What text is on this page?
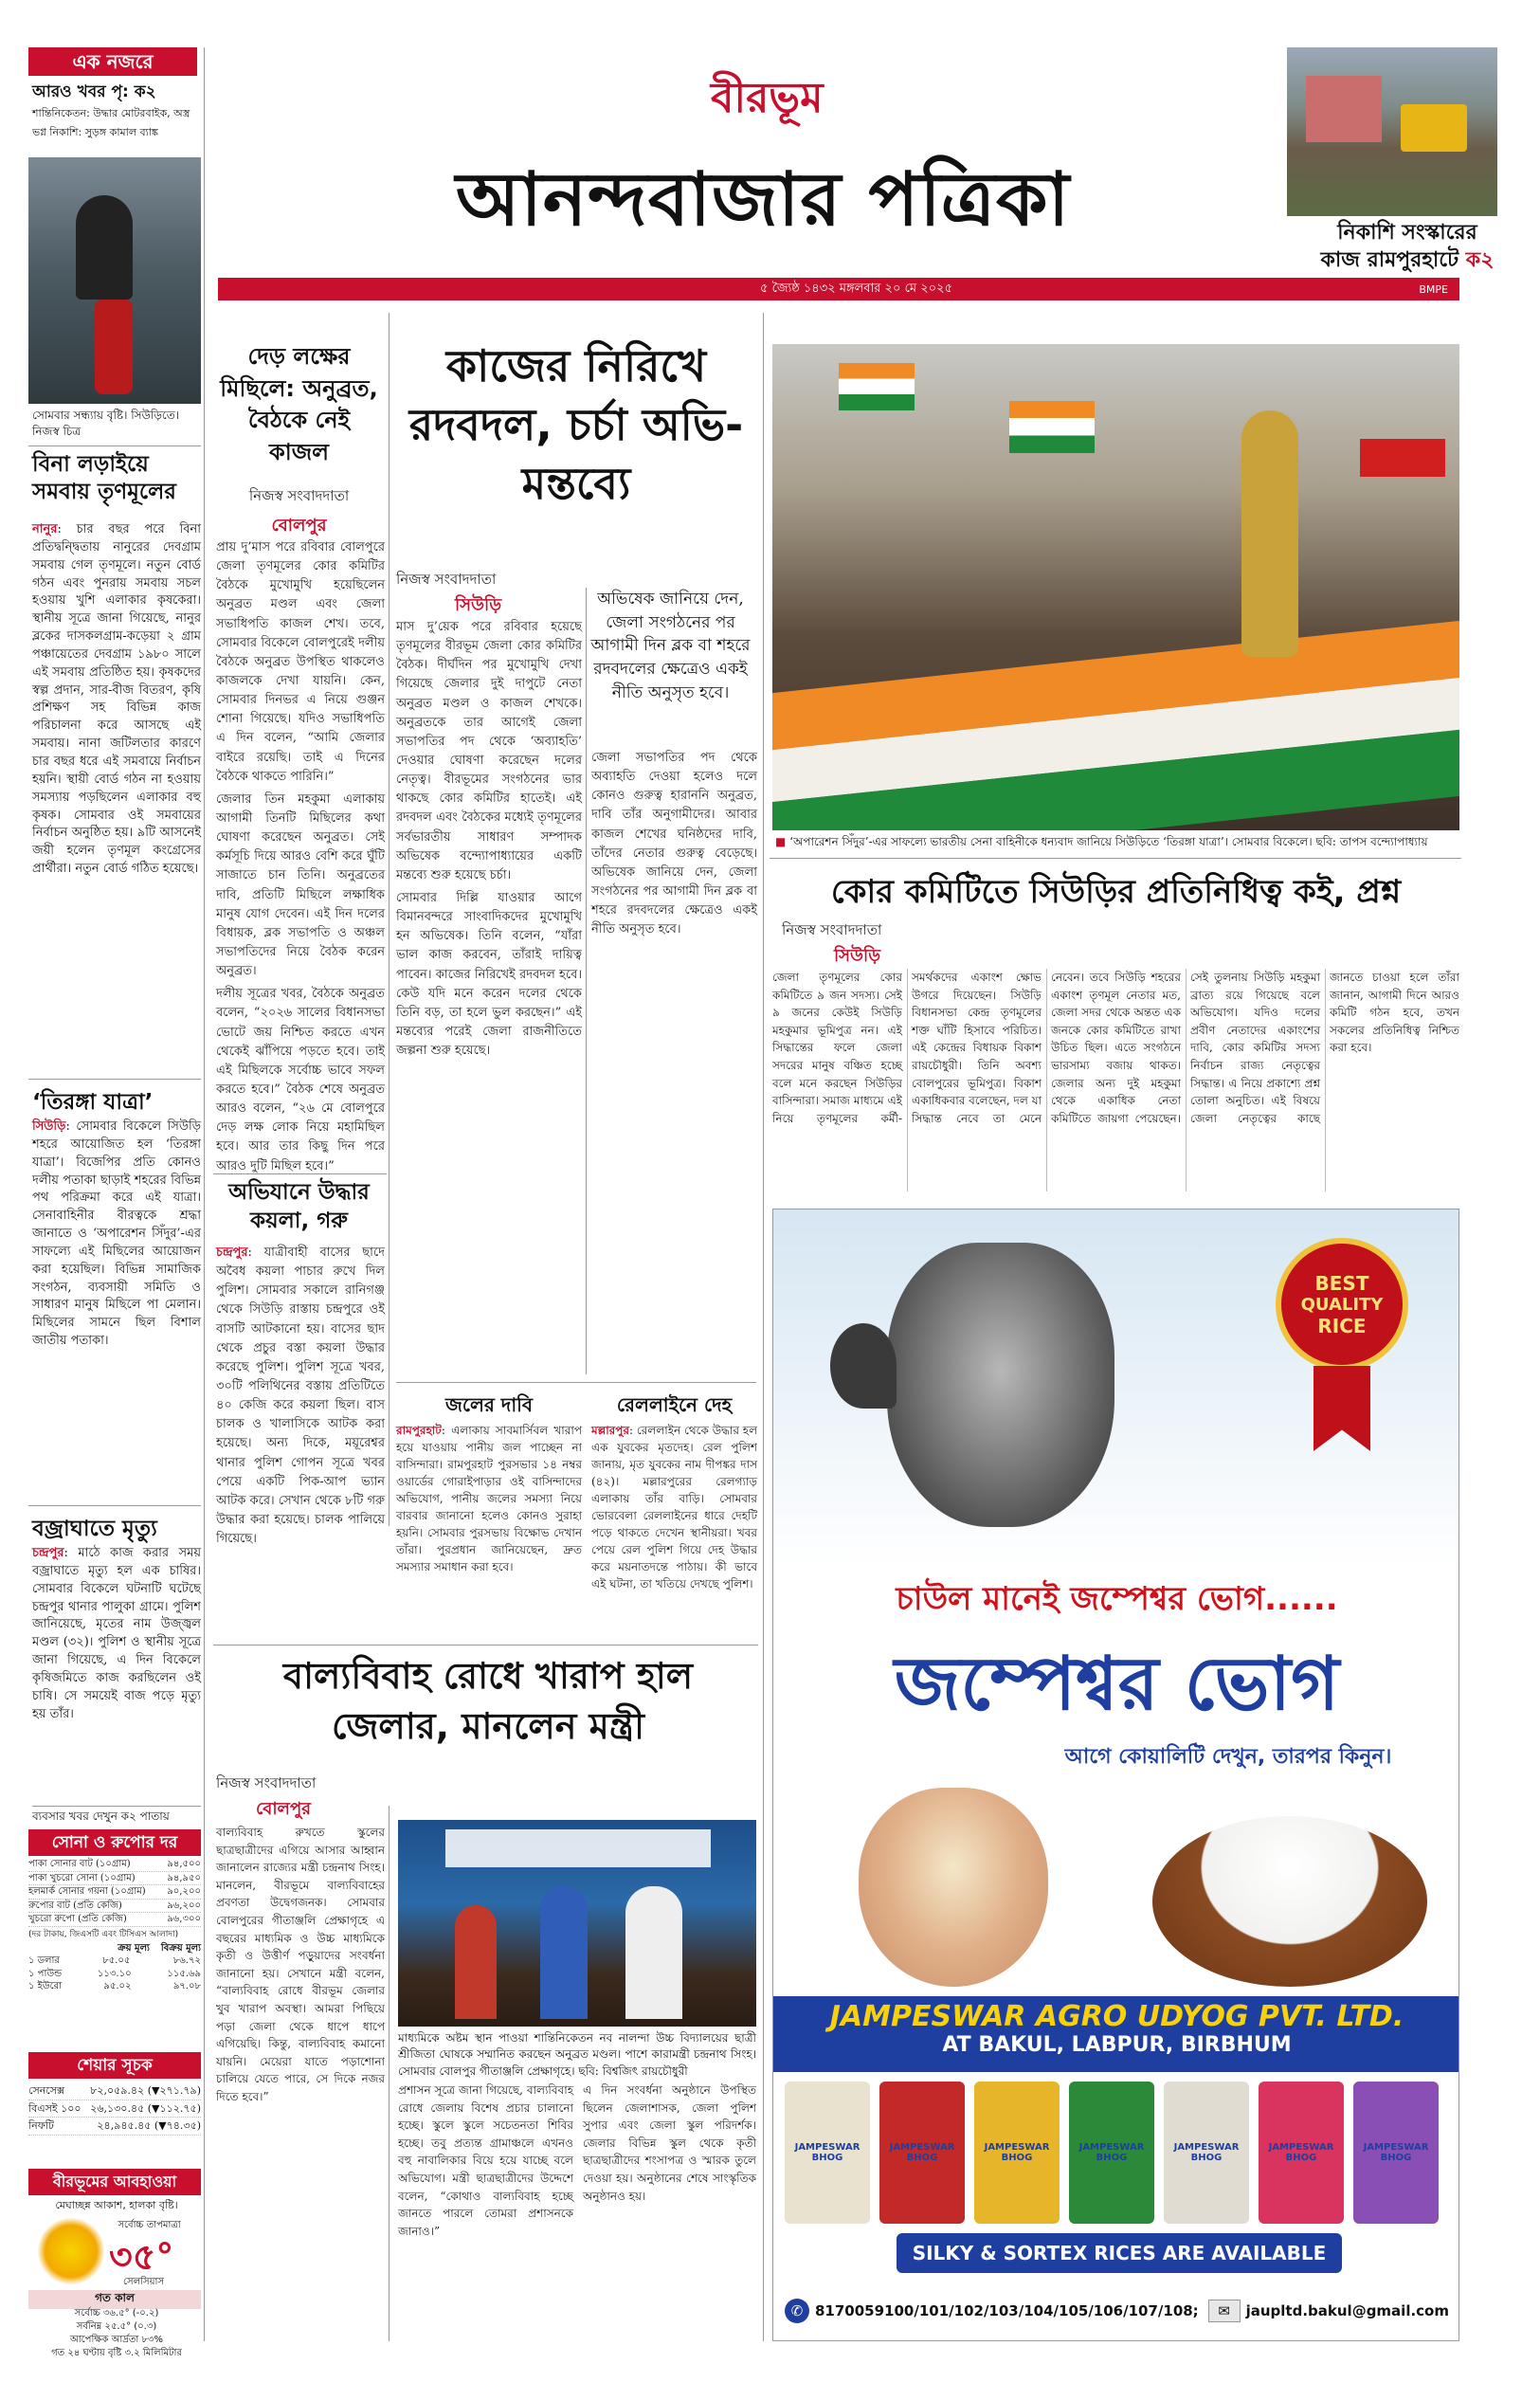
বীরভূম
আনন্দবাজার পত্রিকা
৫ জ্যৈষ্ঠ ১৪৩২ মঙ্গলবার ২০ মে ২০২৫	BMPE
নিকাশি সংস্কারের
কাজ রামপুরহাটে ক২
এক নজরে
আরও খবর পৃ: ক২
শান্তিনিকেতন: উদ্ধার মোটরবাইক, অস্ত্র
ভগ্ন নিকাশি: সুড়ঙ্গ কামাল ব্যাঙ্ক
সোমবার সন্ধ্যায় বৃষ্টি। সিউড়িতে। নিজস্ব চিত্র
বিনা লড়াইয়ে সমবায় তৃণমূলের
নানুর: চার বছর পরে বিনা প্রতিদ্বন্দ্বিতায় নানুরের দেবগ্রাম সমবায় গেল তৃণমূলে। নতুন বোর্ড গঠন এবং পুনরায় সমবায় সচল হওয়ায় খুশি এলাকার কৃষকেরা। স্থানীয় সূত্রে জানা গিয়েছে, নানুর ব্লকের দাসকলগ্রাম-কড়েয়া ২ গ্রাম পঞ্চায়েতের দেবগ্রাম ১৯৮০ সালে এই সমবায় প্রতিষ্ঠিত হয়। কৃষকদের স্বল্প প্রদান, সার-বীজ বিতরণ, কৃষি প্রশিক্ষণ সহ বিভিন্ন কাজ পরিচালনা করে আসছে এই সমবায়। নানা জটিলতার কারণে চার বছর ধরে এই সমবায়ে নির্বাচন হয়নি। স্থায়ী বোর্ড গঠন না হওয়ায় সমস্যায় পড়ছিলেন এলাকার বহু কৃষক। সোমবার ওই সমবায়ের নির্বাচন অনুষ্ঠিত হয়। ৯টি আসনেই জয়ী হলেন তৃণমূল কংগ্রেসের প্রার্থীরা। নতুন বোর্ড গঠিত হয়েছে।
‘তিরঙ্গা যাত্রা’
সিউড়ি: সোমবার বিকেলে সিউড়ি শহরে আয়োজিত হল ‘তিরঙ্গা যাত্রা’। বিজেপির প্রতি কোনও দলীয় পতাকা ছাড়াই শহরের বিভিন্ন পথ পরিক্রমা করে এই যাত্রা। সেনাবাহিনীর বীরত্বকে শ্রদ্ধা জানাতে ও ‘অপারেশন সিঁদুর’-এর সাফল্যে এই মিছিলের আয়োজন করা হয়েছিল। বিভিন্ন সামাজিক সংগঠন, ব্যবসায়ী সমিতি ও সাধারণ মানুষ মিছিলে পা মেলান। মিছিলের সামনে ছিল বিশাল জাতীয় পতাকা।
বজ্রাঘাতে মৃত্যু
চন্দ্রপুর: মাঠে কাজ করার সময় বজ্রাঘাতে মৃত্যু হল এক চাষির। সোমবার বিকেলে ঘটনাটি ঘটেছে চন্দ্রপুর থানার পালুকা গ্রামে। পুলিশ জানিয়েছে, মৃতের নাম উজ্জ্বল মণ্ডল (৩২)। পুলিশ ও স্থানীয় সূত্রে জানা গিয়েছে, এ দিন বিকেলে কৃষিজমিতে কাজ করছিলেন ওই চাষি। সে সময়েই বাজ পড়ে মৃত্যু হয় তাঁর।
ব্যবসার খবর দেখুন ক২ পাতায়
সোনা ও রুপোর দর
পাকা সোনার বাট (১০গ্রাম)	৯৪,৫০০
পাকা খুচরো সোনা (১০গ্রাম)	৯৪,৯৫০
হলমার্ক সোনার গয়না (১০গ্রাম) ৯০,২০০
রুপোর বাট (প্রতি কেজি)	৯৬,২০০
খুচরো রুপো (প্রতি কেজি)	৯৬,৩০০
(দর টাকায়, জিএসটি এবং টিসিএস আলাদা)
ক্রয় মূল্য বিক্রয় মূল্য
১ ডলার	৮৫.০৫	৮৬.৭২
১ পাউন্ড	১১৩.১০	১১৫.৬৯
১ ইউরো	৯৫.০২	৯৭.০৮
শেয়ার সূচক
সেনসেক্স ৮২,০৫৯.৪২ (▼২৭১.৭৯)
বিএসই ১০০ ২৬,১৩০.৪৫ (▼১১২.৭৫)
নিফটি	২৪,৯৪৫.৪৫ (▼৭৪.৩৫)
বীরভূমের আবহাওয়া
মেঘাচ্ছন্ন আকাশ, হালকা বৃষ্টি।
সর্বোচ্চ তাপমাত্রা
৩৫°
সেলসিয়াস
গত কাল
সর্বোচ্চ ৩৬.৫° (-০.২)
সর্বনিম্ন ২৫.৫° (০.৩)
আপেক্ষিক আর্দ্রতা ৮৩%
গত ২৪ ঘণ্টায় বৃষ্টি ৩.২ মিলিমিটার
দেড় লক্ষের মিছিলে: অনুব্রত, বৈঠকে নেই কাজল
নিজস্ব সংবাদদাতা
বোলপুর

প্রায় দু’মাস পরে রবিবার বোলপুরে জেলা তৃণমূলের কোর কমিটির বৈঠকে মুখোমুখি হয়েছিলেন অনুব্রত মণ্ডল এবং জেলা সভাধিপতি কাজল শেখ। তবে, সোমবার বিকেলে বোলপুরেই দলীয় বৈঠকে অনুব্রত উপস্থিত থাকলেও কাজলকে দেখা যায়নি। কেন, সোমবার দিনভর এ নিয়ে গুঞ্জন শোনা গিয়েছে। যদিও সভাধিপতি এ দিন বলেন, “আমি জেলার বাইরে রয়েছি। তাই এ দিনের বৈঠকে থাকতে পারিনি।”

জেলার তিন মহকুমা এলাকায় আগামী তিনটি মিছিলের কথা ঘোষণা করেছেন অনুব্রত। সেই কর্মসূচি দিয়ে আরও বেশি করে ঘুঁটি সাজাতে চান তিনি। অনুব্রতের দাবি, প্রতিটি মিছিলে লক্ষাধিক মানুষ যোগ দেবেন। এই দিন দলের বিধায়ক, ব্লক সভাপতি ও অঞ্চল সভাপতিদের নিয়ে বৈঠক করেন অনুব্রত।

দলীয় সূত্রের খবর, বৈঠকে অনুব্রত বলেন, “২০২৬ সালের বিধানসভা ভোটে জয় নিশ্চিত করতে এখন থেকেই ঝাঁপিয়ে পড়তে হবে। তাই এই মিছিলকে সর্বোচ্চ ভাবে সফল করতে হবে।” বৈঠক শেষে অনুব্রত আরও বলেন, “২৬ মে বোলপুরে দেড় লক্ষ লোক নিয়ে মহামিছিল হবে। আর তার কিছু দিন পরে আরও দুটি মিছিল হবে।”

অভিযানে উদ্ধার কয়লা, গরু
চন্দ্রপুর: যাত্রীবাহী বাসের ছাদে অবৈধ কয়লা পাচার রুখে দিল পুলিশ। সোমবার সকালে রানিগঞ্জ থেকে সিউড়ি রাস্তায় চন্দ্রপুরে ওই বাসটি আটকানো হয়। বাসের ছাদ থেকে প্রচুর বস্তা কয়লা উদ্ধার করেছে পুলিশ। পুলিশ সূত্রে খবর, ৩০টি পলিথিনের বস্তায় প্রতিটিতে ৪০ কেজি করে কয়লা ছিল। বাস চালক ও খালাসিকে আটক করা হয়েছে। অন্য দিকে, ময়ূরেশ্বর থানার পুলিশ গোপন সূত্রে খবর পেয়ে একটি পিক-আপ ভ্যান আটক করে। সেখান থেকে ৮টি গরু উদ্ধার করা হয়েছে। চালক পালিয়ে গিয়েছে।
কাজের নিরিখে রদবদল, চর্চা অভি-মন্তব্যে
নিজস্ব সংবাদদাতা
সিউড়ি	অভিষেক জানিয়ে দেন, জেলা সংগঠনের পর আগামী দিন ব্লক বা শহরে রদবদলের ক্ষেত্রেও একই নীতি অনুসৃত হবে।

মাস দু’য়েক পরে রবিবার হয়েছে তৃণমূলের বীরভূম জেলা কোর কমিটির বৈঠক। দীর্ঘদিন পর মুখোমুখি দেখা গিয়েছে জেলার দুই দাপুটে নেতা অনুব্রত মণ্ডল ও কাজল শেখকে। অনুব্রতকে তার আগেই জেলা সভাপতির পদ থেকে ‘অব্যাহতি’ দেওয়ার ঘোষণা করেছেন দলের নেতৃত্ব। বীরভূমের সংগঠনের ভার থাকছে কোর কমিটির হাতেই। এই রদবদল এবং বৈঠকের মধ্যেই তৃণমূলের সর্বভারতীয় সাধারণ সম্পাদক অভিষেক বন্দ্যোপাধ্যায়ের একটি মন্তব্যে শুরু হয়েছে চর্চা।

সোমবার দিল্লি যাওয়ার আগে বিমানবন্দরে সাংবাদিকদের মুখোমুখি হন অভিষেক। তিনি বলেন, “যাঁরা ভাল কাজ করবেন, তাঁরাই দায়িত্ব পাবেন। কাজের নিরিখেই রদবদল হবে। কেউ যদি মনে করেন দলের থেকে তিনি বড়, তা হলে ভুল করছেন।” এই মন্তব্যের পরেই জেলা রাজনীতিতে জল্পনা শুরু হয়েছে।

জেলা সভাপতির পদ থেকে অব্যাহতি দেওয়া হলেও দলে কোনও গুরুত্ব হারাননি অনুব্রত, দাবি তাঁর অনুগামীদের। আবার কাজল শেখের ঘনিষ্ঠদের দাবি, তাঁদের নেতার গুরুত্ব বেড়েছে। অভিষেক জানিয়ে দেন, জেলা সংগঠনের পর আগামী দিন ব্লক বা শহরে রদবদলের ক্ষেত্রেও একই নীতি অনুসৃত হবে।

জলের দাবি
রামপুরহাট: এলাকায় সাবমার্সিবল খারাপ হয়ে যাওয়ায় পানীয় জল পাচ্ছেন না বাসিন্দারা। রামপুরহাট পুরসভার ১৪ নম্বর ওয়ার্ডের গোরাইপাড়ার ওই বাসিন্দাদের অভিযোগ, পানীয় জলের সমস্যা নিয়ে বারবার জানানো হলেও কোনও সুরাহা হয়নি। সোমবার পুরসভায় বিক্ষোভ দেখান তাঁরা। পুরপ্রধান জানিয়েছেন, দ্রুত সমস্যার সমাধান করা হবে।
রেললাইনে দেহ
মল্লারপুর: রেললাইন থেকে উদ্ধার হল এক যুবকের মৃতদেহ। রেল পুলিশ জানায়, মৃত যুবকের নাম দীপঙ্কর দাস (৪২)। মল্লারপুরের রেলগ্যাড় এলাকায় তাঁর বাড়ি। সোমবার ভোরবেলা রেললাইনের ধারে দেহটি পড়ে থাকতে দেখেন স্থানীয়রা। খবর পেয়ে রেল পুলিশ গিয়ে দেহ উদ্ধার করে ময়নাতদন্তে পাঠায়। কী ভাবে এই ঘটনা, তা খতিয়ে দেখছে পুলিশ।
বাল্যবিবাহ রোধে খারাপ হাল জেলার, মানলেন মন্ত্রী
নিজস্ব সংবাদদাতা
বোলপুর

বাল্যবিবাহ রুখতে স্কুলের ছাত্রছাত্রীদের এগিয়ে আসার আহ্বান জানালেন রাজ্যের মন্ত্রী চন্দ্রনাথ সিংহ। মানলেন, বীরভূমে বাল্যবিবাহের প্রবণতা উদ্বেগজনক। সোমবার বোলপুরের গীতাঞ্জলি প্রেক্ষাগৃহে এ বছরের মাধ্যমিক ও উচ্চ মাধ্যমিকে কৃতী ও উত্তীর্ণ পড়ুয়াদের সংবর্ধনা জানানো হয়। সেখানে মন্ত্রী বলেন, “বাল্যবিবাহ রোধে বীরভূম জেলার খুব খারাপ অবস্থা। আমরা পিছিয়ে পড়া জেলা থেকে ধাপে ধাপে এগিয়েছি। কিন্তু, বাল্যবিবাহ কমানো যায়নি। মেয়েরা যাতে পড়াশোনা চালিয়ে যেতে পারে, সে দিকে নজর দিতে হবে।”

মাধ্যমিকে অষ্টম স্থান পাওয়া শান্তিনিকেতন নব নালন্দা উচ্চ বিদ্যালয়ের ছাত্রী শ্রীজিতা ঘোষকে সম্মানিত করছেন অনুব্রত মণ্ডল। পাশে কারামন্ত্রী চন্দ্রনাথ সিংহ। সোমবার বোলপুর গীতাঞ্জলি প্রেক্ষাগৃহে। ছবি: বিশ্বজিৎ রায়চৌধুরী

প্রশাসন সূত্রে জানা গিয়েছে, বাল্যবিবাহ রোধে জেলায় বিশেষ প্রচার চালানো হচ্ছে। স্কুলে স্কুলে সচেতনতা শিবির হচ্ছে। তবু প্রত্যন্ত গ্রামাঞ্চলে এখনও বহু নাবালিকার বিয়ে হয়ে যাচ্ছে বলে অভিযোগ। মন্ত্রী ছাত্রছাত্রীদের উদ্দেশে বলেন, “কোথাও বাল্যবিবাহ হচ্ছে জানতে পারলে তোমরা প্রশাসনকে জানাও।”

এ দিন সংবর্ধনা অনুষ্ঠানে উপস্থিত ছিলেন জেলাশাসক, জেলা পুলিশ সুপার এবং জেলা স্কুল পরিদর্শক। জেলার বিভিন্ন স্কুল থেকে কৃতী ছাত্রছাত্রীদের শংসাপত্র ও স্মারক তুলে দেওয়া হয়। অনুষ্ঠানের শেষে সাংস্কৃতিক অনুষ্ঠানও হয়।

■ ‘অপারেশন সিঁদুর’-এর সাফল্যে ভারতীয় সেনা বাহিনীকে ধন্যবাদ জানিয়ে সিউড়িতে ‘তিরঙ্গা যাত্রা’। সোমবার বিকেলে। ছবি: তাপস বন্দ্যোপাধ্যায়
কোর কমিটিতে সিউড়ির প্রতিনিধিত্ব কই, প্রশ্ন
নিজস্ব সংবাদদাতা
সিউড়ি
জেলা তৃণমূলের কোর কমিটিতে ৯ জন সদস্য। সেই ৯ জনের কেউই সিউড়ি মহকুমার ভূমিপুত্র নন। এই সিদ্ধান্তের ফলে জেলা সদরের মানুষ বঞ্চিত হচ্ছে বলে মনে করছেন সিউড়ির বাসিন্দারা। সমাজ মাধ্যমে এই নিয়ে তৃণমূলের কর্মী-সমর্থকদের একাংশ ক্ষোভ উগরে দিয়েছেন। সিউড়ি বিধানসভা কেন্দ্র তৃণমূলের শক্ত ঘাঁটি হিসাবে পরিচিত। এই কেন্দ্রের বিধায়ক বিকাশ রায়চৌধুরী। তিনি অবশ্য বোলপুরের ভূমিপুত্র। বিকাশ একাধিকবার বলেছেন, দল যা সিদ্ধান্ত নেবে তা মেনে নেবেন। তবে সিউড়ি শহরের একাংশ তৃণমূল নেতার মত, জেলা সদর থেকে অন্তত এক জনকে কোর কমিটিতে রাখা উচিত ছিল। এতে সংগঠনে ভারসাম্য বজায় থাকত। জেলার অন্য দুই মহকুমা থেকে একাধিক নেতা কমিটিতে জায়গা পেয়েছেন। সেই তুলনায় সিউড়ি মহকুমা ব্রাত্য রয়ে গিয়েছে বলে অভিযোগ। যদিও দলের প্রবীণ নেতাদের একাংশের দাবি, কোর কমিটির সদস্য নির্বাচন রাজ্য নেতৃত্বের সিদ্ধান্ত। এ নিয়ে প্রকাশ্যে প্রশ্ন তোলা অনুচিত। এই বিষয়ে জেলা নেতৃত্বের কাছে জানতে চাওয়া হলে তাঁরা জানান, আগামী দিনে আরও কমিটি গঠন হবে, তখন সকলের প্রতিনিধিত্ব নিশ্চিত করা হবে।
BEST
QUALITY
RICE
চাউল মানেই জম্পেশ্বর ভোগ......
জম্পেশ্বর ভোগ
আগে কোয়ালিটি দেখুন, তারপর কিনুন।
JAMPESWAR AGRO UDYOG PVT. LTD.
AT BAKUL, LABPUR, BIRBHUM
JAMPESWAR BHOG
JAMPESWAR BHOG
JAMPESWAR BHOG
JAMPESWAR BHOG
JAMPESWAR BHOG
JAMPESWAR BHOG
JAMPESWAR BHOG
SILKY & SORTEX RICES ARE AVAILABLE HERE
✆ 8170059100/101/102/103/104/105/106/107/108;	✉	jaupltd.bakul@gmail.com
